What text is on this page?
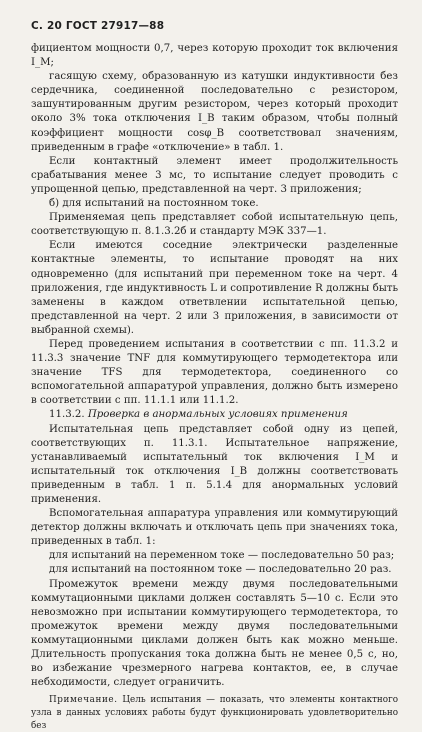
С. 20 ГОСТ 27917—88

фициентом мощности 0,7, через которую проходит ток включения I_M;

гасящую схему, образованную из катушки индуктивности без сердечника, соединенной последовательно с резистором, зашунтированным другим резистором, через который проходит около 3% тока отключения I_B таким образом, чтобы полный коэффициент мощности cosφ_B соответствовал значениям, приведенным в графе «отключение» в табл. 1.

Если контактный элемент имеет продолжительность срабатывания менее 3 мс, то испытание следует проводить с упрощенной цепью, представленной на черт. 3 приложения;

б) для испытаний на постоянном токе.

Применяемая цепь представляет собой испытательную цепь, соответствующую п. 8.1.3.2б и стандарту МЭК 337—1.

Если имеются соседние электрически разделенные контактные элементы, то испытание проводят на них одновременно (для испытаний при переменном токе на черт. 4 приложения, где индуктивность L и сопротивление R должны быть заменены в каждом ответвлении испытательной цепью, представленной на черт. 2 или 3 приложения, в зависимости от выбранной схемы).

Перед проведением испытания в соответствии с пп. 11.3.2 и 11.3.3 значение TNF для коммутирующего термодетектора или значение TFS для термодетектора, соединенного со вспомогательной аппаратурой управления, должно быть измерено в соответствии с пп. 11.1.1 или 11.1.2.

11.3.2. Проверка в анормальных условиях применения

Испытательная цепь представляет собой одну из цепей, соответствующих п. 11.3.1. Испытательное напряжение, устанавливаемый испытательный ток включения I_M и испытательный ток отключения I_B должны соответствовать приведенным в табл. 1 п. 5.1.4 для анормальных условий применения.

Вспомогательная аппаратура управления или коммутирующий детектор должны включать и отключать цепь при значениях тока, приведенных в табл. 1:

для испытаний на переменном токе — последовательно 50 раз;

для испытаний на постоянном токе — последовательно 20 раз.

Промежуток времени между двумя последовательными коммутационными циклами должен составлять 5—10 с. Если это невозможно при испытании коммутирующего термодетектора, то промежуток времени между двумя последовательными коммутационными циклами должен быть как можно меньше. Длительность пропускания тока должна быть не менее 0,5 с, но, во избежание чрезмерного нагрева контактов, ее, в случае небходимости, следует ограничить.

Примечание. Цель испытания — показать, что элементы контактного узла в данных условиях работы будут функционировать удовлетворительно без
